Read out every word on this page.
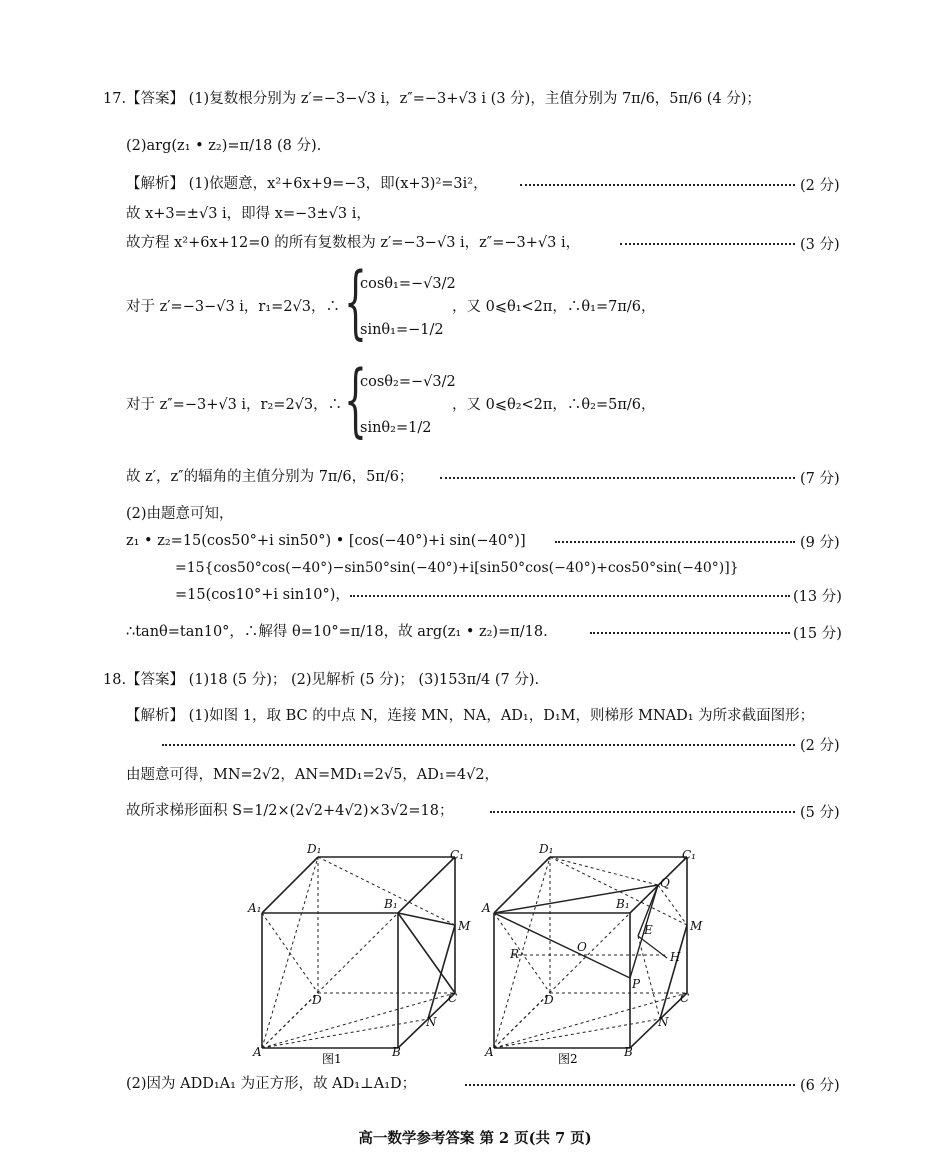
17.【答案】 (1)复数根分别为 z′=−3−√3 i，z″=−3+√3 i (3 分)，主值分别为 7π/6，5π/6 (4 分)；
(2)arg(z₁ • z₂)=π/18 (8 分).
【解析】 (1)依题意，x²+6x+9=−3，即(x+3)²=3i²，	(2 分)
故 x+3=±√3 i，即得 x=−3±√3 i，
故方程 x²+6x+12=0 的所有复数根为 z′=−3−√3 i，z″=−3+√3 i，	(3 分)
对于 z′=−3−√3 i，r₁=2√3，∴ {
cosθ₁=−√3/2
sinθ₁=−1/2
，又 0⩽θ₁<2π，∴θ₁=7π/6，
对于 z″=−3+√3 i，r₂=2√3，∴ {
cosθ₂=−√3/2
sinθ₂=1/2
，又 0⩽θ₂<2π，∴θ₂=5π/6，
故 z′，z″的辐角的主值分别为 7π/6，5π/6；	(7 分)
(2)由题意可知，
z₁ • z₂=15(cos50°+i sin50°) • [cos(−40°)+i sin(−40°)]	(9 分)
=15{cos50°cos(−40°)−sin50°sin(−40°)+i[sin50°cos(−40°)+cos50°sin(−40°)]}
=15(cos10°+i sin10°)，	(13 分)
∴tanθ=tan10°，∴解得 θ=10°=π/18，故 arg(z₁ • z₂)=π/18.	(15 分)
18.【答案】 (1)18 (5 分)； (2)见解析 (5 分)； (3)153π/4 (7 分).
【解析】 (1)如图 1，取 BC 的中点 N，连接 MN，NA，AD₁，D₁M，则梯形 MNAD₁ 为所求截面图形；
(2 分)
由题意可得，MN=2√2，AN=MD₁=2√5，AD₁=4√2，
故所求梯形面积 S=1/2×(2√2+4√2)×3√2=18；	(5 分)
D₁	C₁
A₁	B₁
M
C
D
N
A	B
图1
D₁	C₁
A	B₁
Q
M
E
O
R	H
P
C
D
N
A	B
图2
(2)因为 ADD₁A₁ 为正方形，故 AD₁⊥A₁D；	(6 分)
高一数学参考答案 第 2 页(共 7 页)
